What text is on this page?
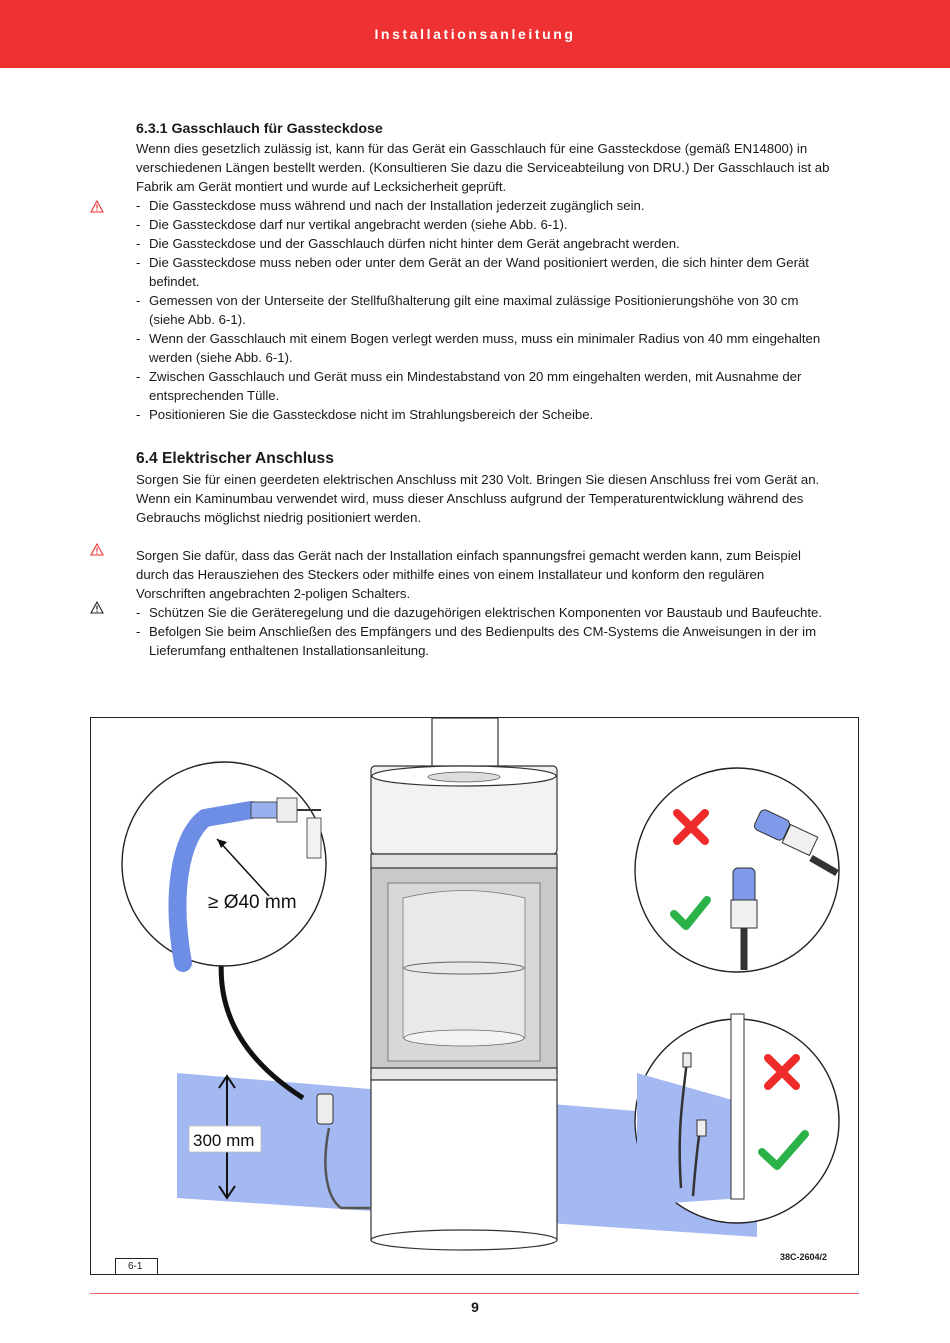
Installationsanleitung
6.3.1 Gasschlauch für Gassteckdose

Wenn dies gesetzlich zulässig ist, kann für das Gerät ein Gasschlauch für eine Gassteckdose (gemäß EN14800) in verschiedenen Längen bestellt werden. (Konsultieren Sie dazu die Serviceabteilung von DRU.) Der Gasschlauch ist ab Fabrik am Gerät montiert und wurde auf Lecksicherheit geprüft.

- Die Gassteckdose muss während und nach der Installation jederzeit zugänglich sein.
- Die Gassteckdose darf nur vertikal angebracht werden (siehe Abb. 6-1).
- Die Gassteckdose und der Gasschlauch dürfen nicht hinter dem Gerät angebracht werden.
- Die Gassteckdose muss neben oder unter dem Gerät an der Wand positioniert werden, die sich hinter dem Gerät befindet.
- Gemessen von der Unterseite der Stellfußhalterung gilt eine maximal zulässige Positionierungshöhe von 30 cm (siehe Abb. 6-1).
- Wenn der Gasschlauch mit einem Bogen verlegt werden muss, muss ein minimaler Radius von 40 mm eingehalten werden (siehe Abb. 6-1).
- Zwischen Gasschlauch und Gerät muss ein Mindestabstand von 20 mm eingehalten werden, mit Ausnahme der entsprechenden Tülle.
- Positionieren Sie die Gassteckdose nicht im Strahlungsbereich der Scheibe.
6.4 Elektrischer Anschluss

Sorgen Sie für einen geerdeten elektrischen Anschluss mit 230 Volt. Bringen Sie diesen Anschluss frei vom Gerät an. Wenn ein Kaminumbau verwendet wird, muss dieser Anschluss aufgrund der Temperaturentwicklung während des Gebrauchs möglichst niedrig positioniert werden.

Sorgen Sie dafür, dass das Gerät nach der Installation einfach spannungsfrei gemacht werden kann, zum Beispiel durch das Herausziehen des Steckers oder mithilfe eines von einem Installateur und konform den regulären Vorschriften angebrachten 2-poligen Schalters.

- Schützen Sie die Geräteregelung und die dazugehörigen elektrischen Komponenten vor Baustaub und Baufeuchte.
- Befolgen Sie beim Anschließen des Empfängers und des Bedienpults des CM-Systems die Anweisungen in der im Lieferumfang enthaltenen Installationsanleitung.
300 mm
≥ Ø40 mm
6-1
38C-2604/2
9
